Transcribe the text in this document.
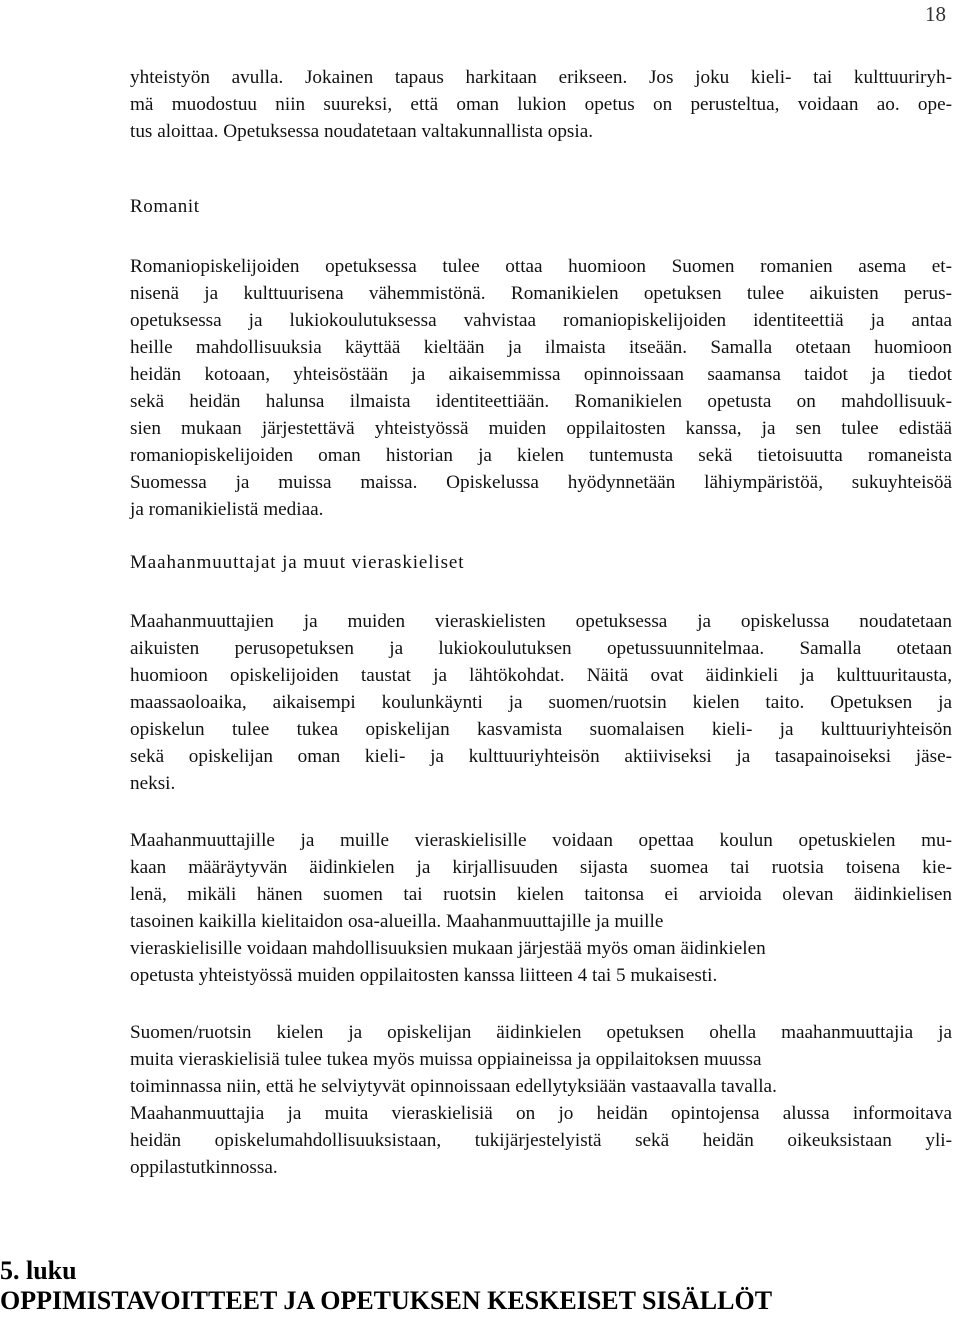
18
yhteistyön avulla. Jokainen tapaus harkitaan erikseen. Jos joku kieli- tai kulttuuriryh-
mä muodostuu niin suureksi, että oman lukion opetus on perusteltua, voidaan ao. ope-
tus aloittaa. Opetuksessa noudatetaan valtakunnallista opsia.
Romanit
Romaniopiskelijoiden opetuksessa tulee ottaa huomioon Suomen romanien asema et-
nisenä ja kulttuurisena vähemmistönä. Romanikielen opetuksen tulee aikuisten perus-
opetuksessa ja lukiokoulutuksessa vahvistaa romaniopiskelijoiden identiteettiä ja antaa
heille mahdollisuuksia käyttää kieltään ja ilmaista itseään. Samalla otetaan huomioon
heidän kotoaan, yhteisöstään ja aikaisemmissa opinnoissaan saamansa taidot ja tiedot
sekä heidän halunsa ilmaista identiteettiään. Romanikielen opetusta on mahdollisuuk-
sien mukaan järjestettävä yhteistyössä muiden oppilaitosten kanssa, ja sen tulee edistää
romaniopiskelijoiden oman historian ja kielen tuntemusta sekä tietoisuutta romaneista
Suomessa ja muissa maissa. Opiskelussa hyödynnetään lähiympäristöä, sukuyhteisöä
ja romanikielistä mediaa.
Maahanmuuttajat ja muut vieraskieliset
Maahanmuuttajien ja muiden vieraskielisten opetuksessa ja opiskelussa noudatetaan
aikuisten perusopetuksen ja lukiokoulutuksen opetussuunnitelmaa. Samalla otetaan
huomioon opiskelijoiden taustat ja lähtökohdat. Näitä ovat äidinkieli ja kulttuuritausta,
maassaoloaika, aikaisempi koulunkäynti ja suomen/ruotsin kielen taito. Opetuksen ja
opiskelun tulee tukea opiskelijan kasvamista suomalaisen kieli- ja kulttuuriyhteisön
sekä opiskelijan oman kieli- ja kulttuuriyhteisön aktiiviseksi ja tasapainoiseksi jäse-
neksi.
Maahanmuuttajille ja muille vieraskielisille voidaan opettaa koulun opetuskielen mu-
kaan määräytyvän äidinkielen ja kirjallisuuden sijasta suomea tai ruotsia toisena kie-
lenä, mikäli hänen suomen tai ruotsin kielen taitonsa ei arvioida olevan äidinkielisen
tasoinen kaikilla kielitaidon osa-alueilla. Maahanmuuttajille ja muille
vieraskielisille voidaan mahdollisuuksien mukaan järjestää myös oman äidinkielen
opetusta yhteistyössä muiden oppilaitosten kanssa liitteen 4 tai 5 mukaisesti.
Suomen/ruotsin kielen ja opiskelijan äidinkielen opetuksen ohella maahanmuuttajia ja
muita vieraskielisiä tulee tukea myös muissa oppiaineissa ja oppilaitoksen muussa
toiminnassa niin, että he selviytyvät opinnoissaan edellytyksiään vastaavalla tavalla.
Maahanmuuttajia ja muita vieraskielisiä on jo heidän opintojensa alussa informoitava
heidän opiskelumahdollisuuksistaan, tukijärjestelyistä sekä heidän oikeuksistaan yli-
oppilastutkinnossa.
5. luku
OPPIMISTAVOITTEET JA OPETUKSEN KESKEISET SISÄLLÖT
